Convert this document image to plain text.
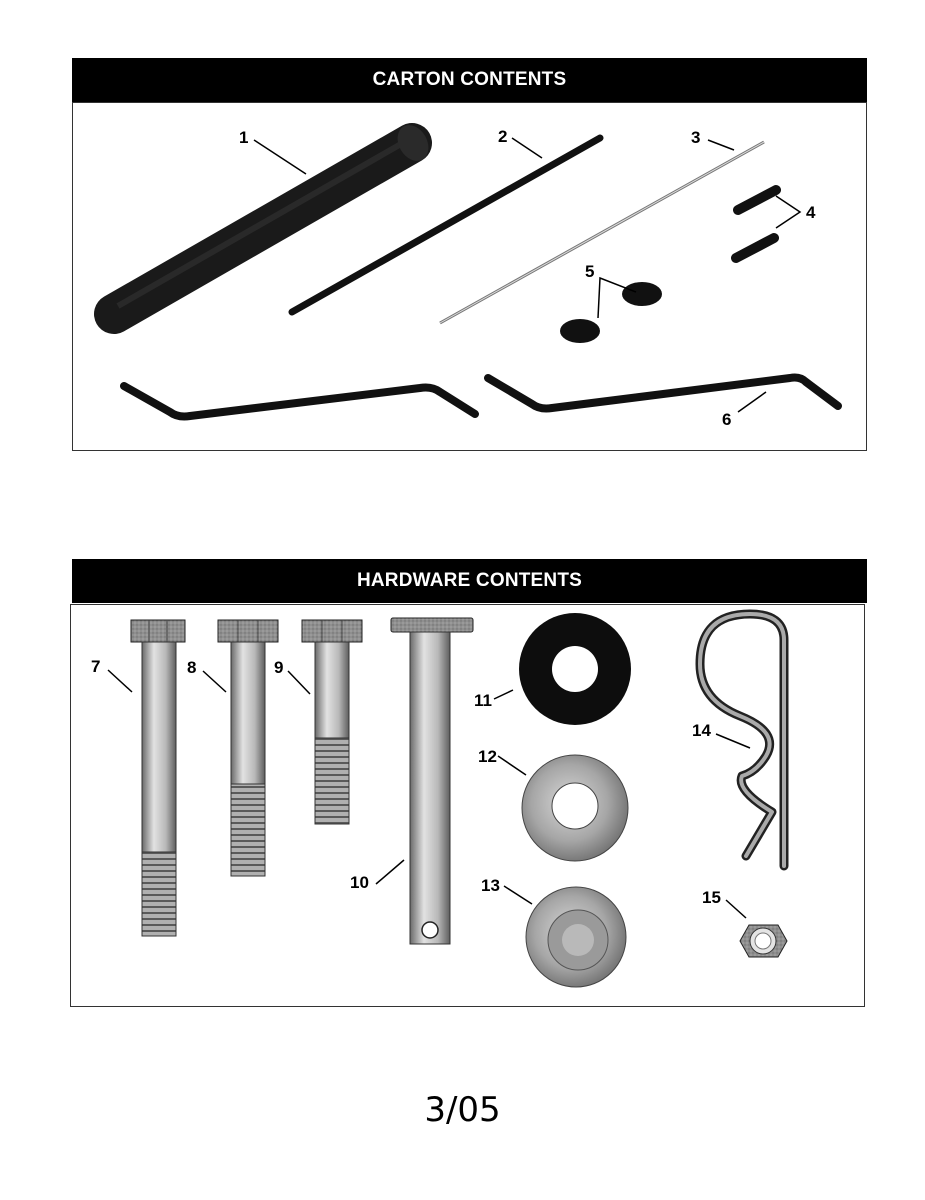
CARTON CONTENTS
1	2	3
4
5
6
7	8	9
10
11
12
13
14
15
HARDWARE CONTENTS
3/05
